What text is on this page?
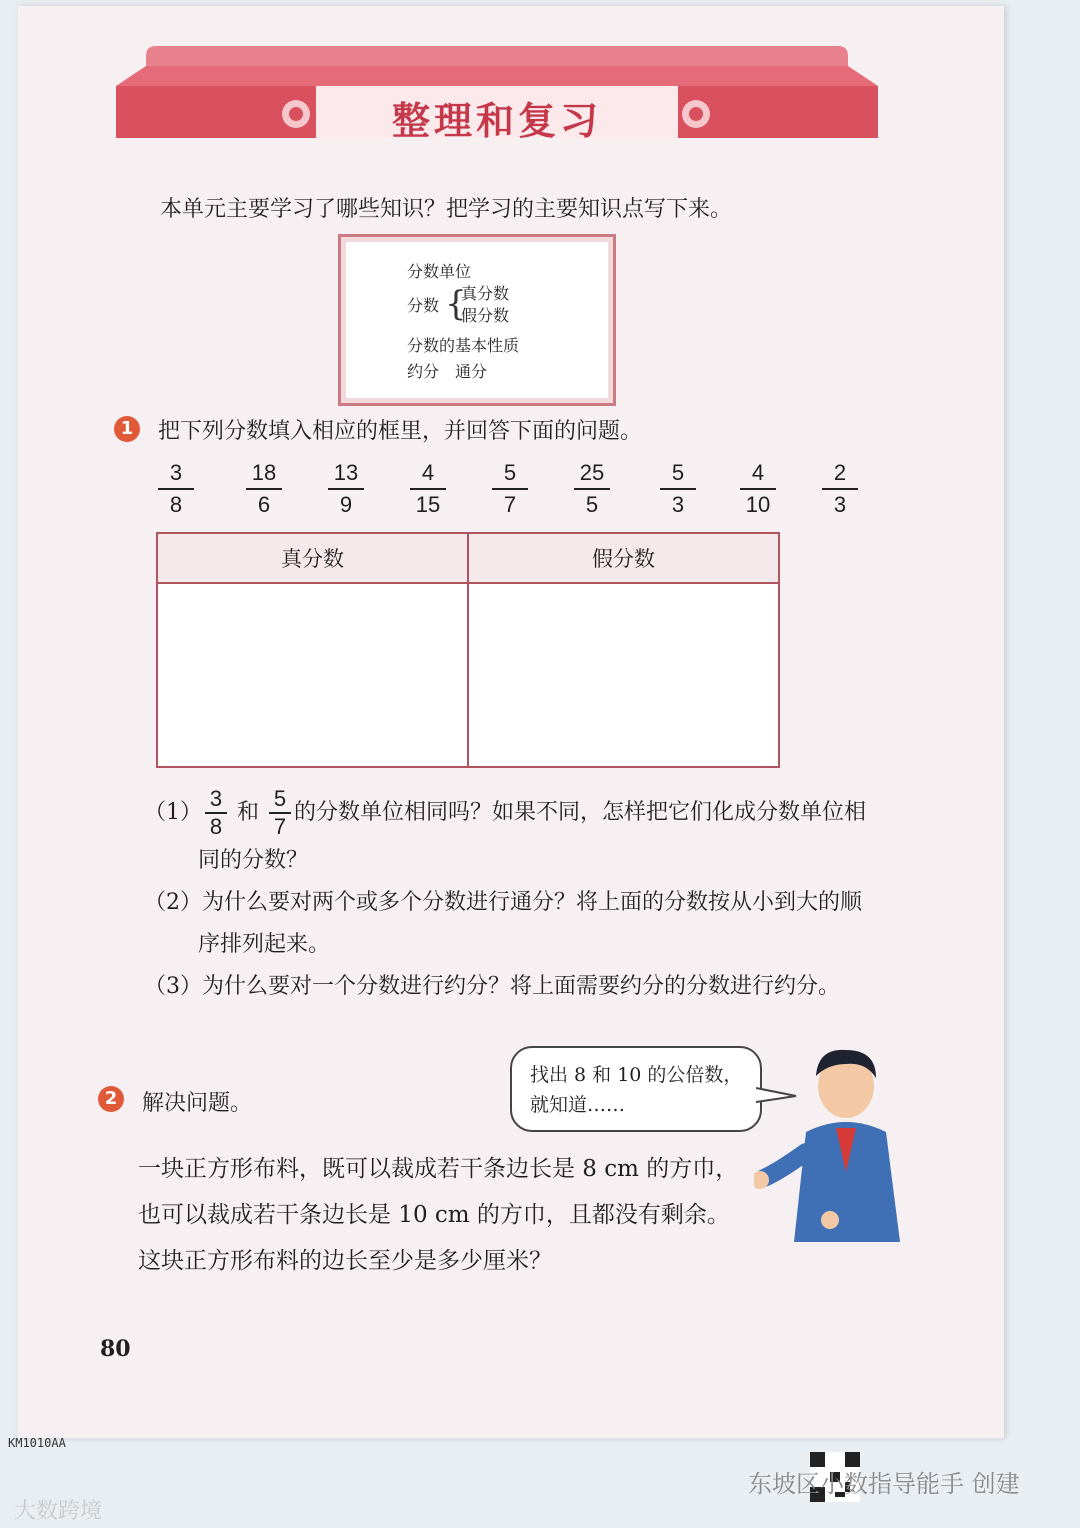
整理和复习
本单元主要学习了哪些知识？把学习的主要知识点写下来。
分数单位
分数 {
真分数
假分数
分数的基本性质
约分　通分
1	把下列分数填入相应的框里，并回答下面的问题。
3
8
18
6
13
9
4
15
5
7
25
5
5
3
4
10
2
3
真分数	假分数

$(1) \frac{3}{8}$ 和 $\frac{5}{7}$ 的分数单位相同吗？如果不同，怎样把它们化成分数单位相
同的分数？
（2）为什么要对两个或多个分数进行通分？将上面的分数按从小到大的顺
序排列起来。
（3）为什么要对一个分数进行约分？将上面需要约分的分数进行约分。
2	解决问题。
找出 8 和 10 的公倍数，
就知道……
一块正方形布料，既可以裁成若干条边长是 8 cm 的方巾，
也可以裁成若干条边长是 10 cm 的方巾，且都没有剩余。
这块正方形布料的边长至少是多少厘米？
80
KM1010AA
大数跨境
东坡区小数指导能手 创建
